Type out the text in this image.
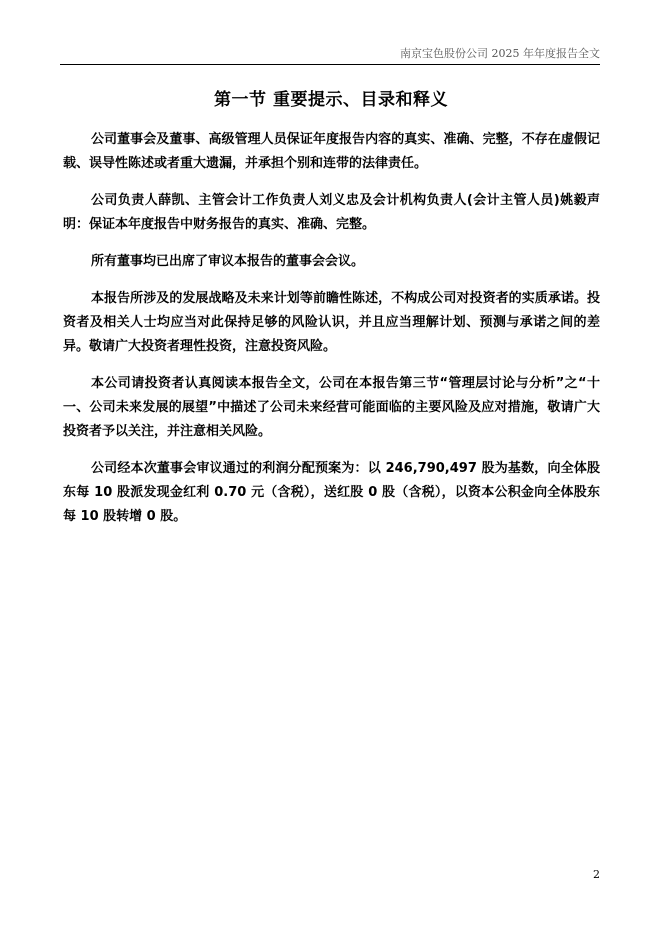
南京宝色股份公司 2025 年年度报告全文
第一节 重要提示、目录和释义

公司董事会及董事、高级管理人员保证年度报告内容的真实、准确、完整，不存在虚假记载、误导性陈述或者重大遗漏，并承担个别和连带的法律责任。

公司负责人薛凯、主管会计工作负责人刘义忠及会计机构负责人(会计主管人员)姚毅声明：保证本年度报告中财务报告的真实、准确、完整。

所有董事均已出席了审议本报告的董事会会议。

本报告所涉及的发展战略及未来计划等前瞻性陈述，不构成公司对投资者的实质承诺。投资者及相关人士均应当对此保持足够的风险认识，并且应当理解计划、预测与承诺之间的差异。敬请广大投资者理性投资，注意投资风险。

本公司请投资者认真阅读本报告全文，公司在本报告第三节“管理层讨论与分析”之“十一、公司未来发展的展望”中描述了公司未来经营可能面临的主要风险及应对措施，敬请广大投资者予以关注，并注意相关风险。

公司经本次董事会审议通过的利润分配预案为：以 246,790,497 股为基数，向全体股东每 10 股派发现金红利 0.70 元（含税），送红股 0 股（含税），以资本公积金向全体股东每 10 股转增 0 股。

2
